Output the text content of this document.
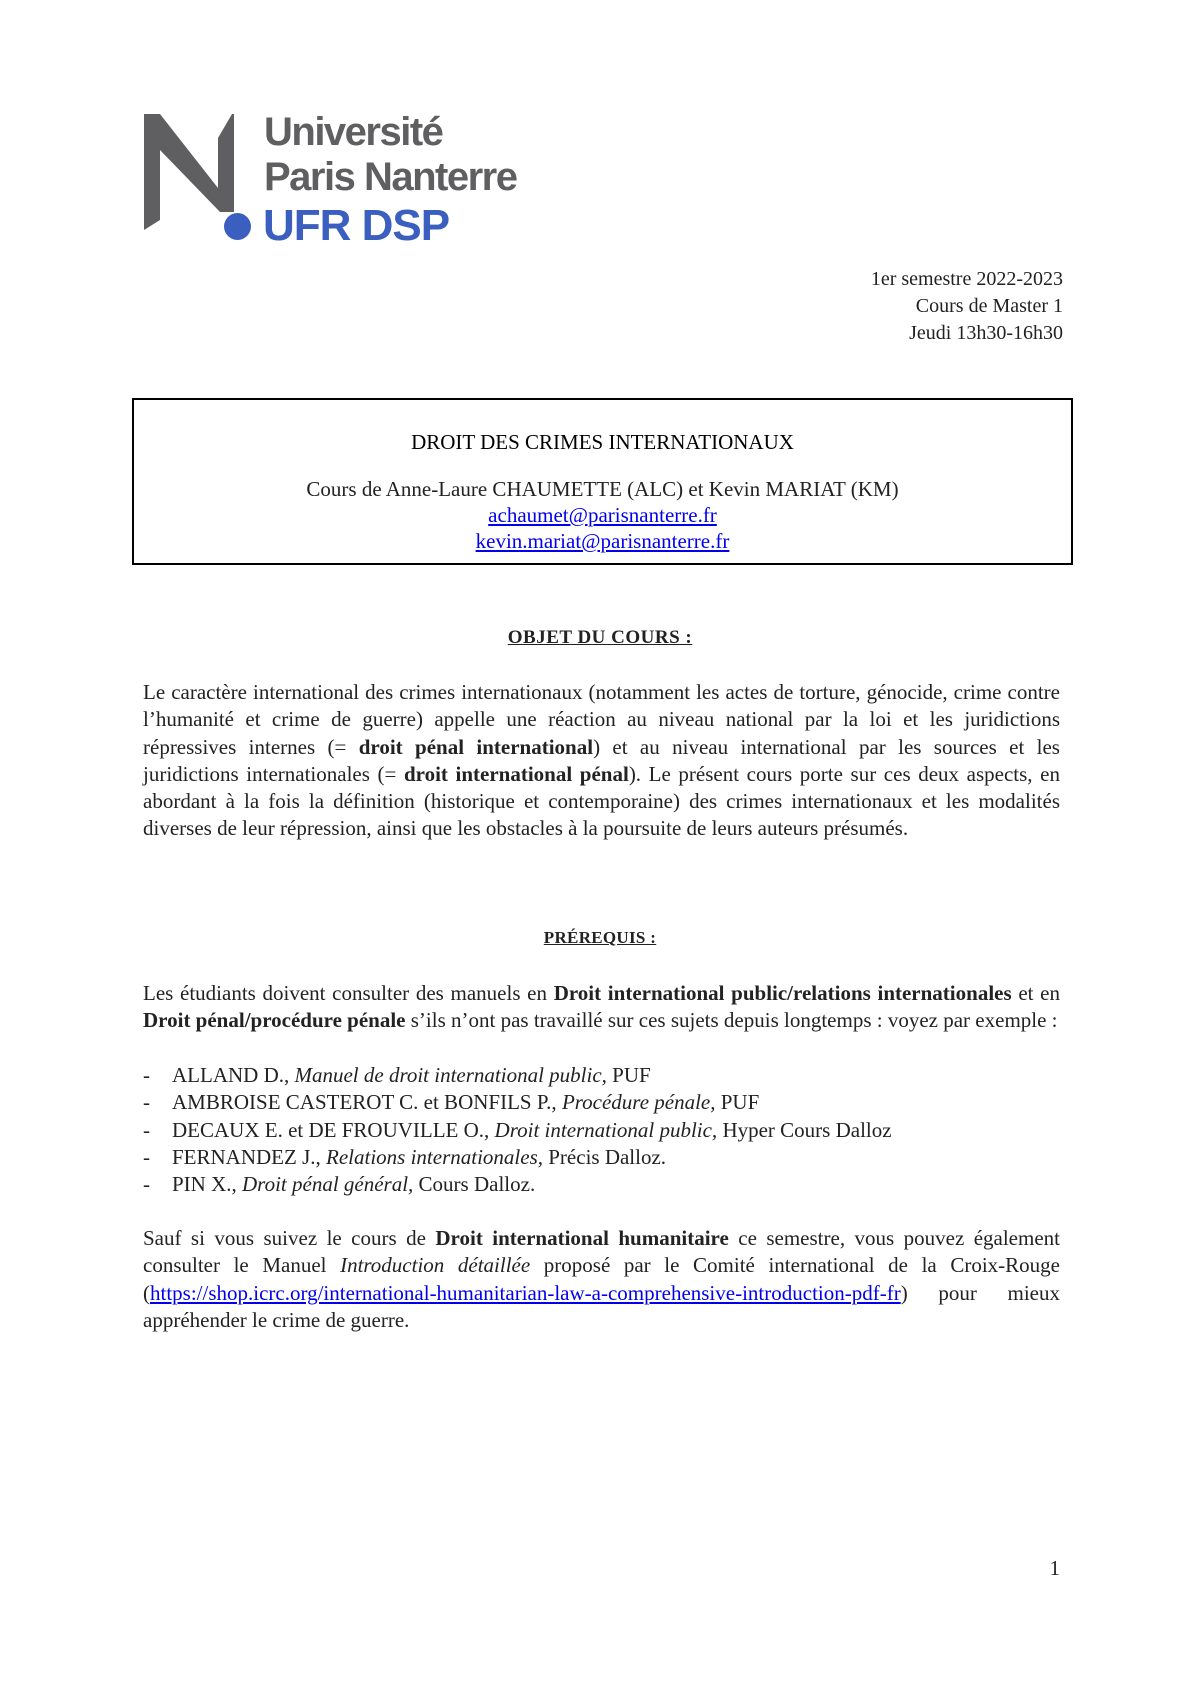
Université
Paris Nanterre
UFR DSP
1er semestre 2022-2023
Cours de Master 1
Jeudi 13h30-16h30
DROIT DES CRIMES INTERNATIONAUX
Cours de Anne-Laure CHAUMETTE (ALC) et Kevin MARIAT (KM)
achaumet@parisnanterre.fr
kevin.mariat@parisnanterre.fr
OBJET DU COURS :
Le caractère international des crimes internationaux (notamment les actes de torture, génocide, crime contre l’humanité et crime de guerre) appelle une réaction au niveau national par la loi et les juridictions répressives internes (= droit pénal international) et au niveau international par les sources et les juridictions internationales (= droit international pénal). Le présent cours porte sur ces deux aspects, en abordant à la fois la définition (historique et contemporaine) des crimes internationaux et les modalités diverses de leur répression, ainsi que les obstacles à la poursuite de leurs auteurs présumés.
PRÉREQUIS :
Les étudiants doivent consulter des manuels en Droit international public/relations internationales et en Droit pénal/procédure pénale s’ils n’ont pas travaillé sur ces sujets depuis longtemps : voyez par exemple :
- ALLAND D., Manuel de droit international public, PUF
- AMBROISE CASTEROT C. et BONFILS P., Procédure pénale, PUF
- DECAUX E. et DE FROUVILLE O., Droit international public, Hyper Cours Dalloz
- FERNANDEZ J., Relations internationales, Précis Dalloz.
- PIN X., Droit pénal général, Cours Dalloz.
Sauf si vous suivez le cours de Droit international humanitaire ce semestre, vous pouvez également consulter le Manuel Introduction détaillée proposé par le Comité international de la Croix-Rouge (https://shop.icrc.org/international-humanitarian-law-a-comprehensive-introduction-pdf-fr) pour mieux appréhender le crime de guerre.
1
